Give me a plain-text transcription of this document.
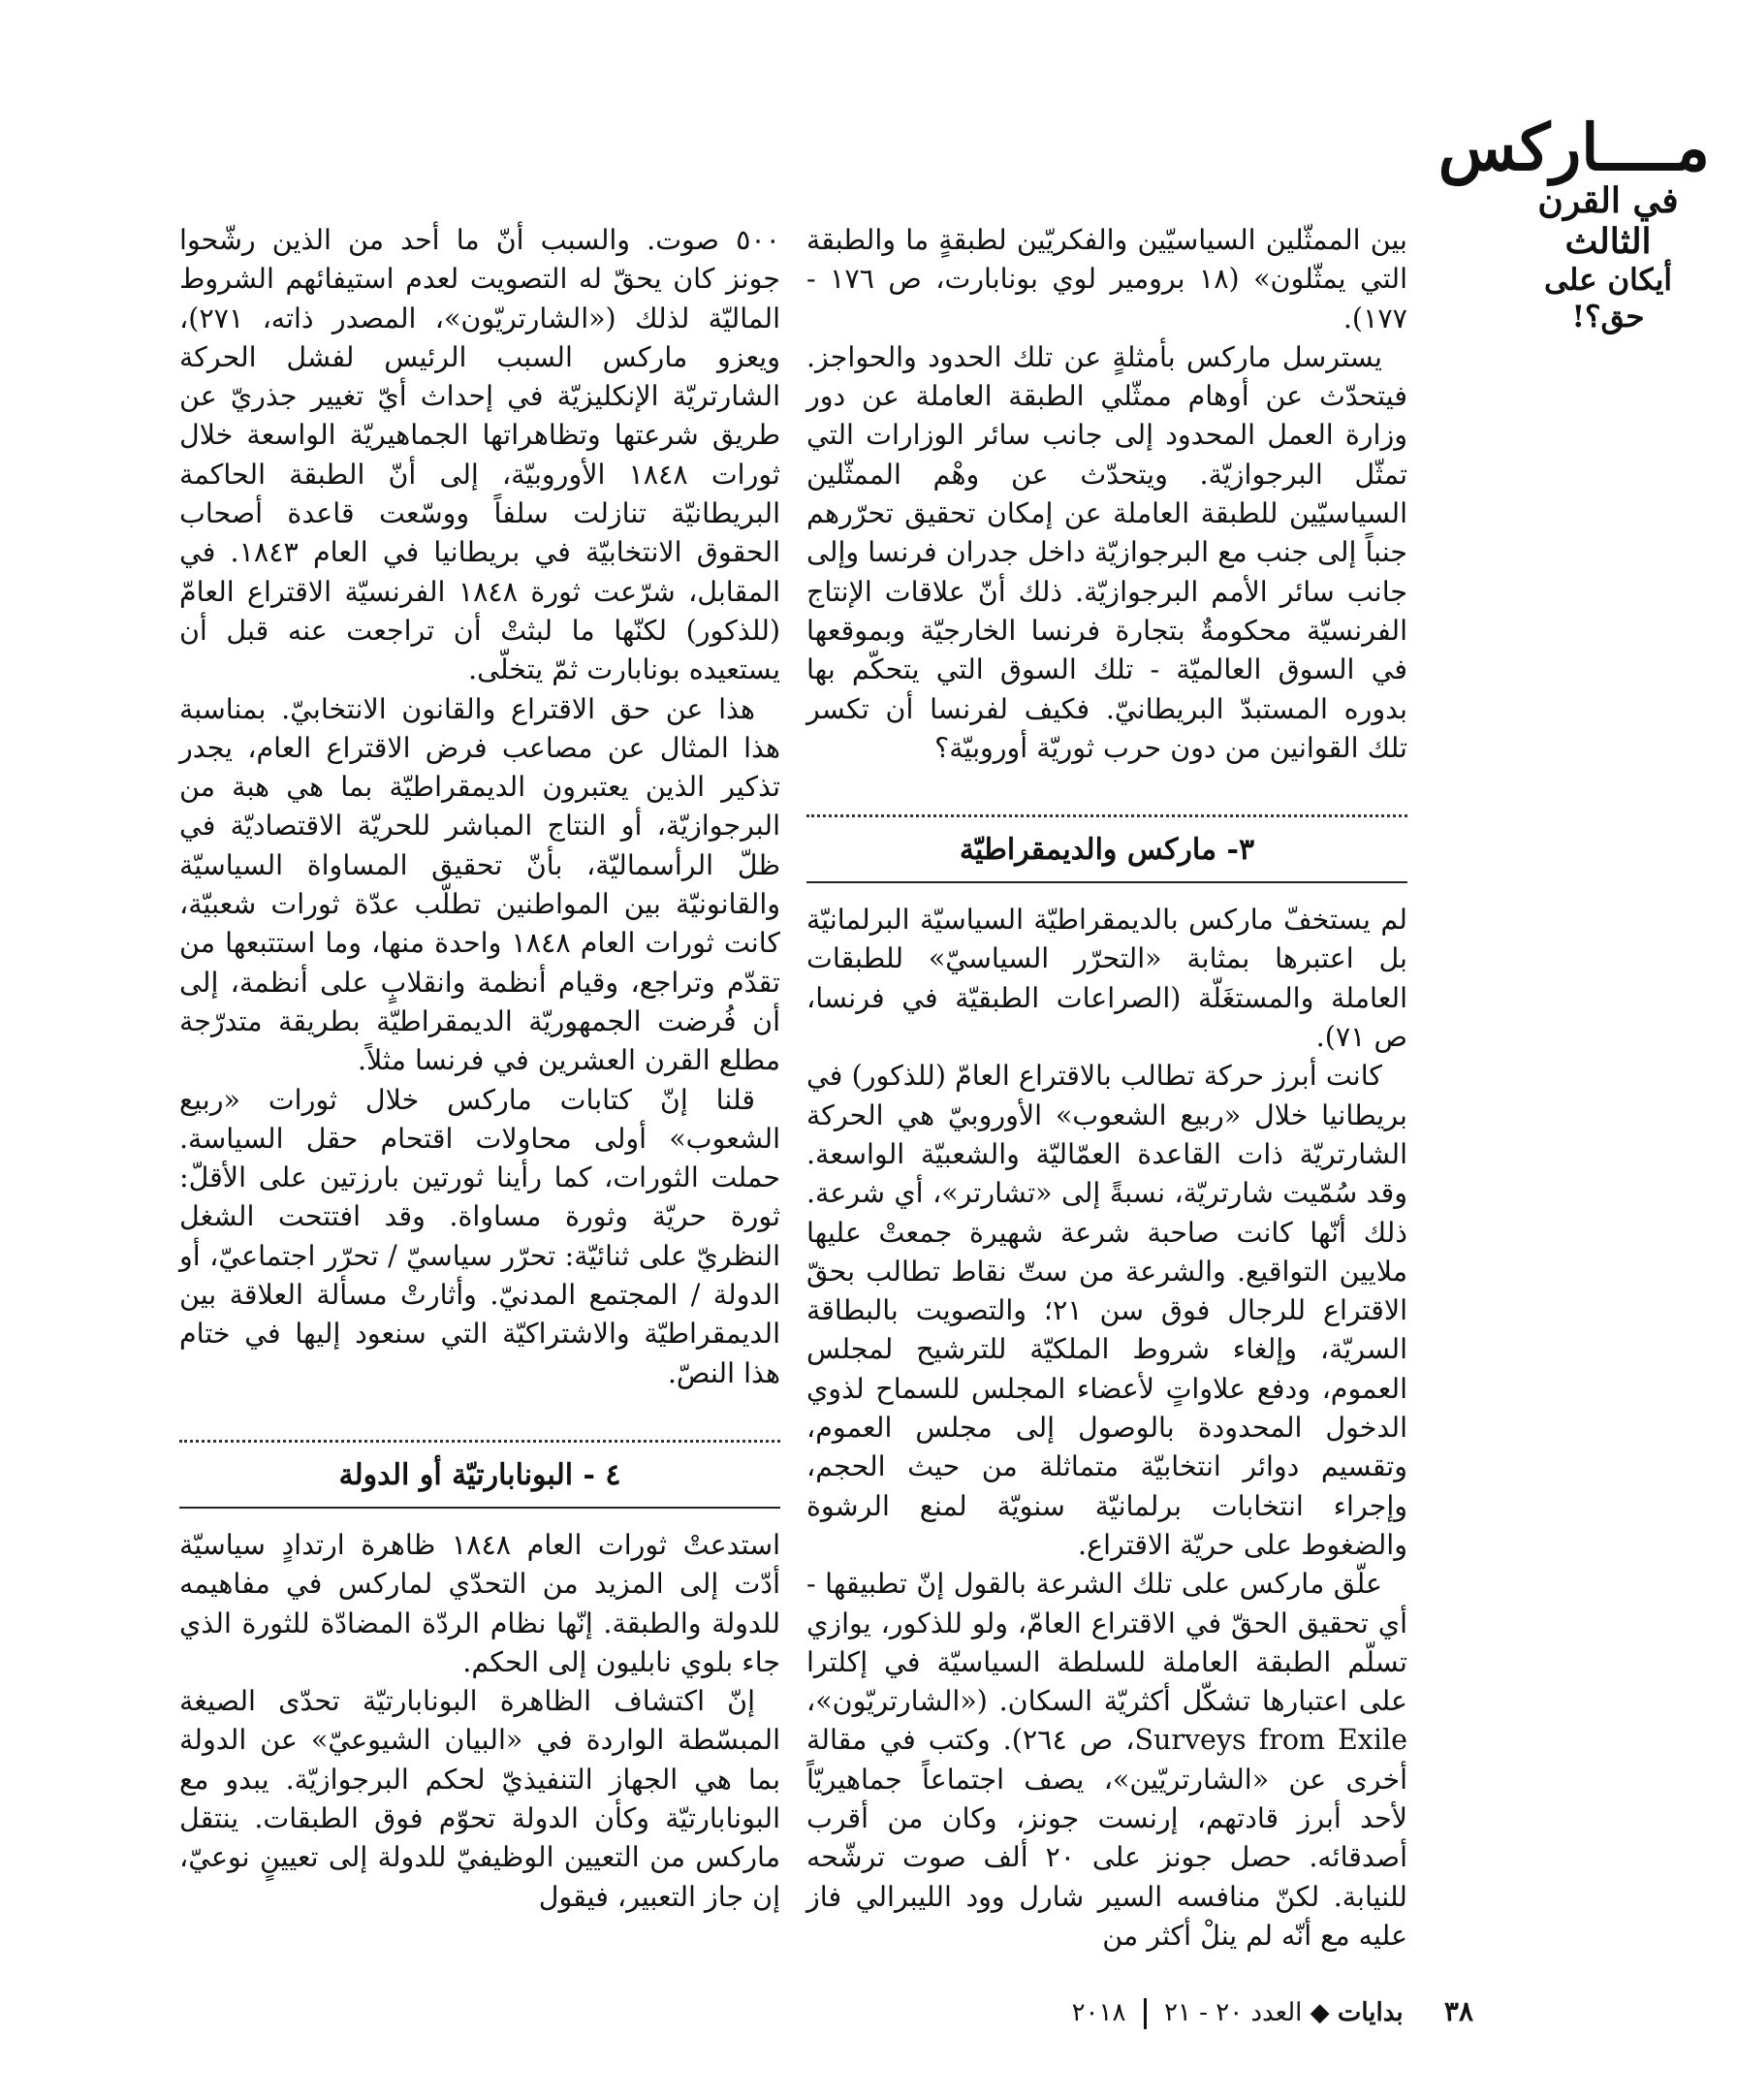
مــــاركس
في القرن الثالث
أيكان على حق؟!

بين الممثّلين السياسيّين والفكريّين لطبقةٍ ما والطبقة التي يمثّلون» (١٨ برومير لوي بونابارت، ص ١٧٦ - ١٧٧).

يسترسل ماركس بأمثلةٍ عن تلك الحدود والحواجز. فيتحدّث عن أوهام ممثّلي الطبقة العاملة عن دور وزارة العمل المحدود إلى جانب سائر الوزارات التي تمثّل البرجوازيّة. ويتحدّث عن وهْم الممثّلين السياسيّين للطبقة العاملة عن إمكان تحقيق تحرّرهم جنباً إلى جنب مع البرجوازيّة داخل جدران فرنسا وإلى جانب سائر الأمم البرجوازيّة. ذلك أنّ علاقات الإنتاج الفرنسيّة محكومةٌ بتجارة فرنسا الخارجيّة وبموقعها في السوق العالميّة - تلك السوق التي يتحكّم بها بدوره المستبدّ البريطانيّ. فكيف لفرنسا أن تكسر تلك القوانين من دون حرب ثوريّة أوروبيّة؟

٣- ماركس والديمقراطيّة

لم يستخفّ ماركس بالديمقراطيّة السياسيّة البرلمانيّة بل اعتبرها بمثابة «التحرّر السياسيّ» للطبقات العاملة والمستغَلّة (الصراعات الطبقيّة في فرنسا، ص ٧١).

كانت أبرز حركة تطالب بالاقتراع العامّ (للذكور) في بريطانيا خلال «ربيع الشعوب» الأوروبيّ هي الحركة الشارتريّة ذات القاعدة العمّاليّة والشعبيّة الواسعة. وقد سُمّيت شارتريّة، نسبةً إلى «تشارتر»، أي شرعة. ذلك أنّها كانت صاحبة شرعة شهيرة جمعتْ عليها ملايين التواقيع. والشرعة من ستّ نقاط تطالب بحقّ الاقتراع للرجال فوق سن ٢١؛ والتصويت بالبطاقة السريّة، وإلغاء شروط الملكيّة للترشيح لمجلس العموم، ودفع علاواتٍ لأعضاء المجلس للسماح لذوي الدخول المحدودة بالوصول إلى مجلس العموم، وتقسيم دوائر انتخابيّة متماثلة من حيث الحجم، وإجراء انتخابات برلمانيّة سنويّة لمنع الرشوة والضغوط على حريّة الاقتراع.

علّق ماركس على تلك الشرعة بالقول إنّ تطبيقها - أي تحقيق الحقّ في الاقتراع العامّ، ولو للذكور، يوازي تسلّم الطبقة العاملة للسلطة السياسيّة في إكلترا على اعتبارها تشكّل أكثريّة السكان. («الشارتريّون»، Surveys from Exile، ص ٢٦٤). وكتب في مقالة أخرى عن «الشارتريّين»، يصف اجتماعاً جماهيريّاً لأحد أبرز قادتهم، إرنست جونز، وكان من أقرب أصدقائه. حصل جونز على ٢٠ ألف صوت ترشّحه للنيابة. لكنّ منافسه السير شارل وود الليبرالي فاز عليه مع أنّه لم ينلْ أكثر من

٥٠٠ صوت. والسبب أنّ ما أحد من الذين رشّحوا جونز كان يحقّ له التصويت لعدم استيفائهم الشروط الماليّة لذلك («الشارتريّون»، المصدر ذاته، ٢٧١)، ويعزو ماركس السبب الرئيس لفشل الحركة الشارتريّة الإنكليزيّة في إحداث أيّ تغيير جذريّ عن طريق شرعتها وتظاهراتها الجماهيريّة الواسعة خلال ثورات ١٨٤٨ الأوروبيّة، إلى أنّ الطبقة الحاكمة البريطانيّة تنازلت سلفاً ووسّعت قاعدة أصحاب الحقوق الانتخابيّة في بريطانيا في العام ١٨٤٣. في المقابل، شرّعت ثورة ١٨٤٨ الفرنسيّة الاقتراع العامّ (للذكور) لكنّها ما لبثتْ أن تراجعت عنه قبل أن يستعيده بونابارت ثمّ يتخلّى.

هذا عن حق الاقتراع والقانون الانتخابيّ. بمناسبة هذا المثال عن مصاعب فرض الاقتراع العام، يجدر تذكير الذين يعتبرون الديمقراطيّة بما هي هبة من البرجوازيّة، أو النتاج المباشر للحريّة الاقتصاديّة في ظلّ الرأسماليّة، بأنّ تحقيق المساواة السياسيّة والقانونيّة بين المواطنين تطلّب عدّة ثورات شعبيّة، كانت ثورات العام ١٨٤٨ واحدة منها، وما استتبعها من تقدّم وتراجع، وقيام أنظمة وانقلابٍ على أنظمة، إلى أن فُرضت الجمهوريّة الديمقراطيّة بطريقة متدرّجة مطلع القرن العشرين في فرنسا مثلاً.

قلنا إنّ كتابات ماركس خلال ثورات «ربيع الشعوب» أولى محاولات اقتحام حقل السياسة. حملت الثورات، كما رأينا ثورتين بارزتين على الأقلّ: ثورة حريّة وثورة مساواة. وقد افتتحت الشغل النظريّ على ثنائيّة: تحرّر سياسيّ / تحرّر اجتماعيّ، أو الدولة / المجتمع المدنيّ. وأثارتْ مسألة العلاقة بين الديمقراطيّة والاشتراكيّة التي سنعود إليها في ختام هذا النصّ.

٤ - البونابارتيّة أو الدولة

استدعتْ ثورات العام ١٨٤٨ ظاهرة ارتدادٍ سياسيّة أدّت إلى المزيد من التحدّي لماركس في مفاهيمه للدولة والطبقة. إنّها نظام الردّة المضادّة للثورة الذي جاء بلوي نابليون إلى الحكم.

إنّ اكتشاف الظاهرة البونابارتيّة تحدّى الصيغة المبسّطة الواردة في «البيان الشيوعيّ» عن الدولة بما هي الجهاز التنفيذيّ لحكم البرجوازيّة. يبدو مع البونابارتيّة وكأن الدولة تحوّم فوق الطبقات. ينتقل ماركس من التعيين الوظيفيّ للدولة إلى تعيينٍ نوعيّ، إن جاز التعبير، فيقول

٣٨ بدايات ◆ العدد ٢٠ - ٢١  ٢٠١٨
